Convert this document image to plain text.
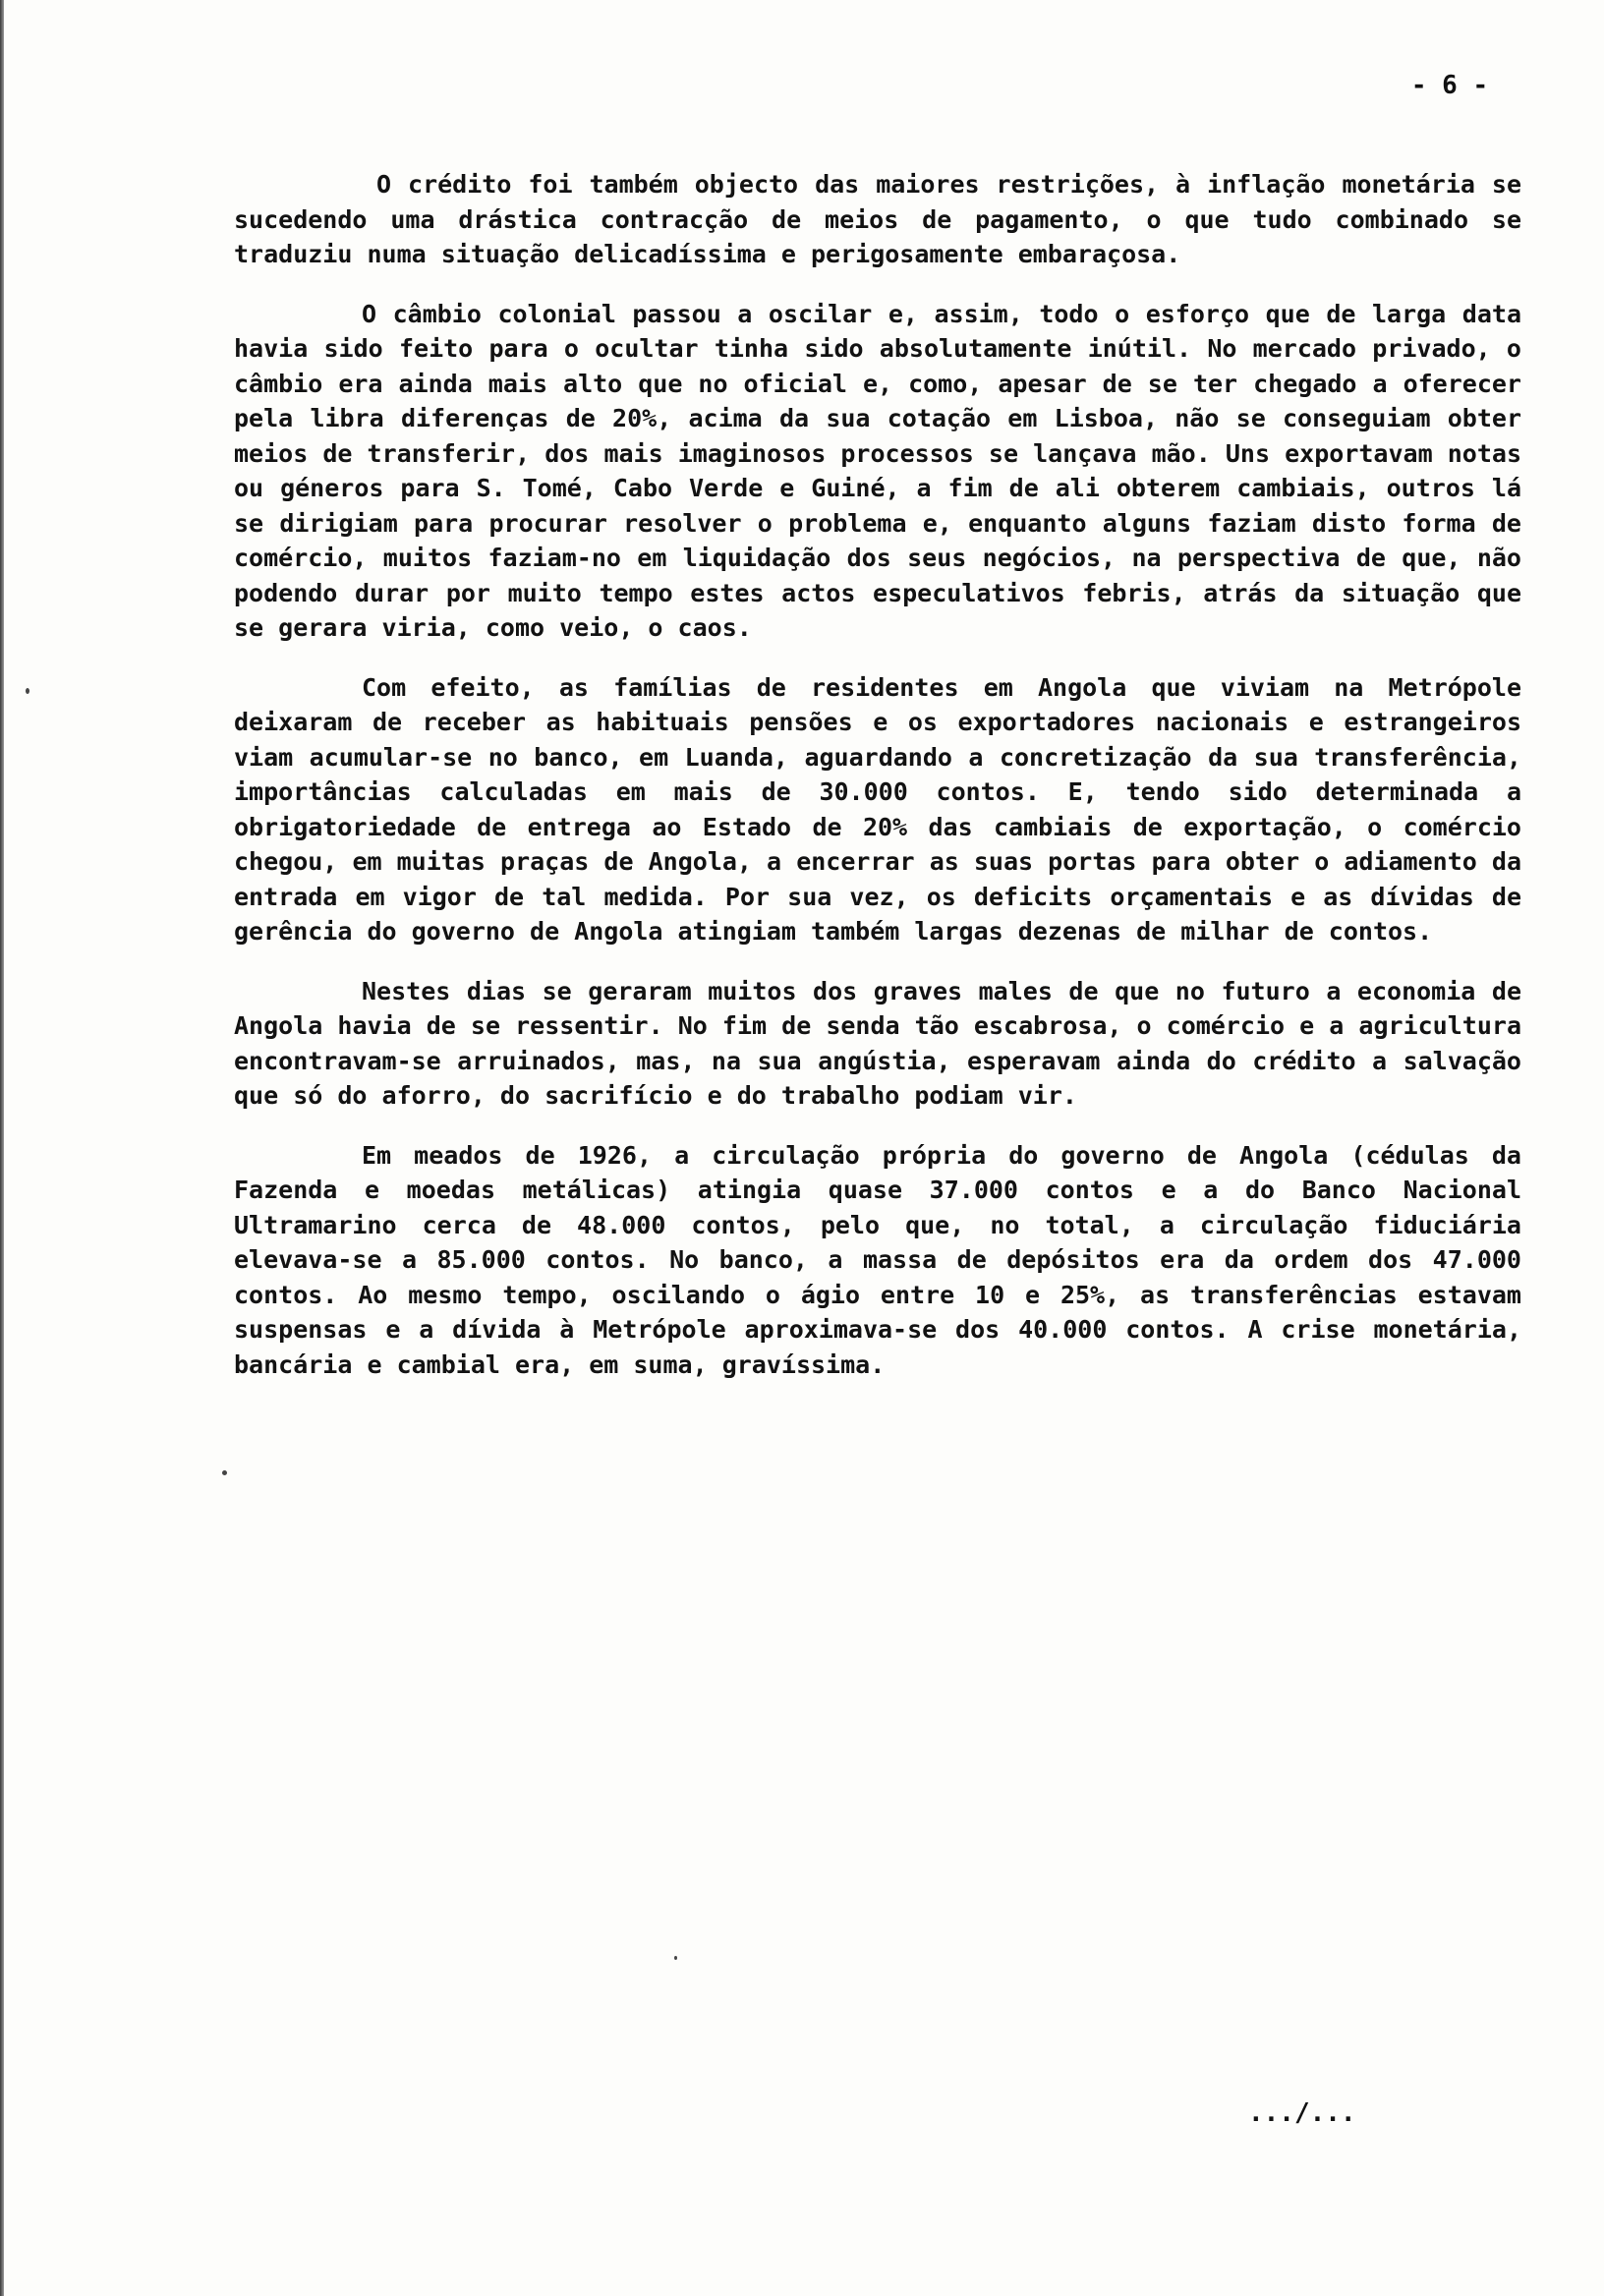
- 6 -

O crédito foi também objecto das maiores restrições, à inflação monetária se sucedendo uma drástica contracção de meios de pagamento, o que tudo combinado se traduziu numa situação delicadíssima e perigosamente embaraçosa.

O câmbio colonial passou a oscilar e, assim, todo o esforço que de larga data havia sido feito para o ocultar tinha sido absolutamente inútil. No mercado privado, o câmbio era ainda mais alto que no oficial e, como, apesar de se ter chegado a oferecer pela libra diferenças de 20%, acima da sua cotação em Lisboa, não se conseguiam obter meios de transferir, dos mais imaginosos processos se lançava mão. Uns exportavam notas ou géneros para S. Tomé, Cabo Verde e Guiné, a fim de ali obterem cambiais, outros lá se dirigiam para procurar resolver o problema e, enquanto alguns faziam disto forma de comércio, muitos faziam-no em liquidação dos seus negócios, na perspectiva de que, não podendo durar por muito tempo estes actos especulativos febris, atrás da situação que se gerara viria, como veio, o caos.

Com efeito, as famílias de residentes em Angola que viviam na Metrópole deixaram de receber as habituais pensões e os exportadores nacionais e estrangeiros viam acumular-se no banco, em Luanda, aguardando a concretização da sua transferência, importâncias calculadas em mais de 30.000 contos. E, tendo sido determinada a obrigatoriedade de entrega ao Estado de 20% das cambiais de exportação, o comércio chegou, em muitas praças de Angola, a encerrar as suas portas para obter o adiamento da entrada em vigor de tal medida. Por sua vez, os deficits orçamentais e as dívidas de gerência do governo de Angola atingiam também largas dezenas de milhar de contos.

Nestes dias se geraram muitos dos graves males de que no futuro a economia de Angola havia de se ressentir. No fim de senda tão escabrosa, o comércio e a agricultura encontravam-se arruinados, mas, na sua angústia, esperavam ainda do crédito a salvação que só do aforro, do sacrifício e do trabalho podiam vir.

Em meados de 1926, a circulação própria do governo de Angola (cédulas da Fazenda e moedas metálicas) atingia quase 37.000 contos e a do Banco Nacional Ultramarino cerca de 48.000 contos, pelo que, no total, a circulação fiduciária elevava-se a 85.000 contos. No banco, a massa de depósitos era da ordem dos 47.000 contos. Ao mesmo tempo, oscilando o ágio entre 10 e 25%, as transferências estavam suspensas e a dívida à Metrópole aproximava-se dos 40.000 contos. A crise monetária, bancária e cambial era, em suma, gravíssima.

.../...
